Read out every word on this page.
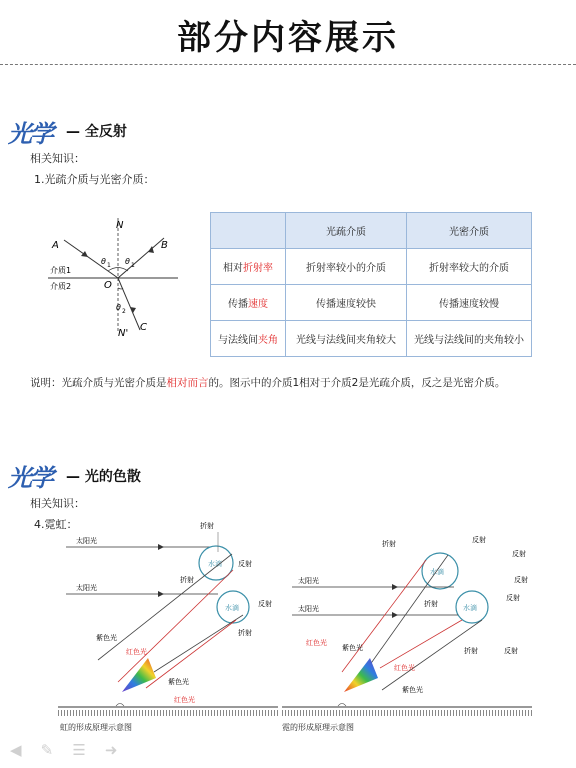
部分内容展示
光学 — 全反射
相关知识：
1.光疏介质与光密介质：
N
A	B
O
C
N'
θ 1 θ 1
θ 2
介质1
介质2
	光疏介质	光密介质
相对折射率	折射率较小的介质	折射率较大的介质
传播速度	传播速度较快	传播速度较慢
与法线间夹角	光线与法线间夹角较大	光线与法线间的夹角较小
说明：光疏介质与光密介质是相对而言的。图示中的介质1相对于介质2是光疏介质，反之是光密介质。
光学 — 光的色散
相关知识：
4.霓虹：
水滴
水滴
折射
反射
折射
反射
折射
太阳光
太阳光
紫色光
红色光
紫色光
红色光
虹的形成原理示意图
水滴
水滴
折射	反射
反射
反射
反射
折射
折射	反射
太阳光
太阳光
红色光
紫色光
红色光
紫色光
霓的形成原理示意图
◀ ✎ ☰ ➜
